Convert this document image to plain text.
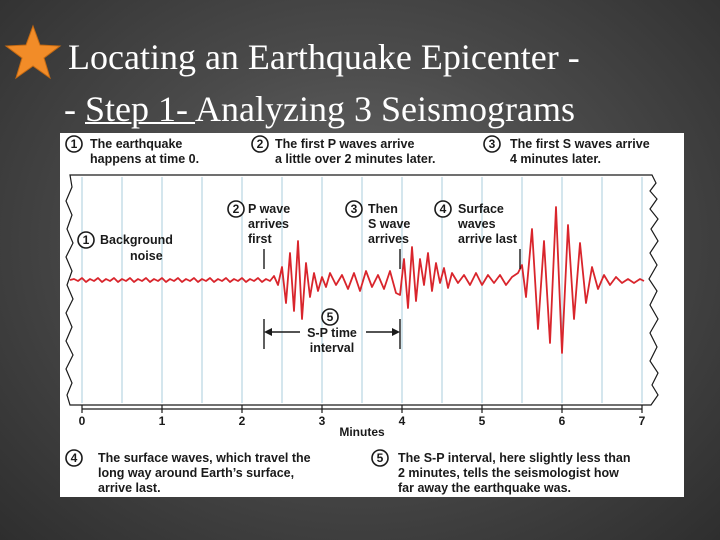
Locating an Earthquake Epicenter -
- Step 1- Analyzing 3 Seismograms
1 The earthquake
happens at time 0.
2 The first P waves arrive
a little over 2 minutes later.
3 The first S waves arrive
4 minutes later.
1 Background
noise
2 P wave
arrives
first
3 Then
S wave
arrives
4 Surface
waves
arrive last
5
S-P time
interval
0	1	2	3	4	5	6	7
Minutes
4 The surface waves, which travel the
long way around Earth’s surface,
arrive last.
5 The S-P interval, here slightly less than
2 minutes, tells the seismologist how
far away the earthquake was.
